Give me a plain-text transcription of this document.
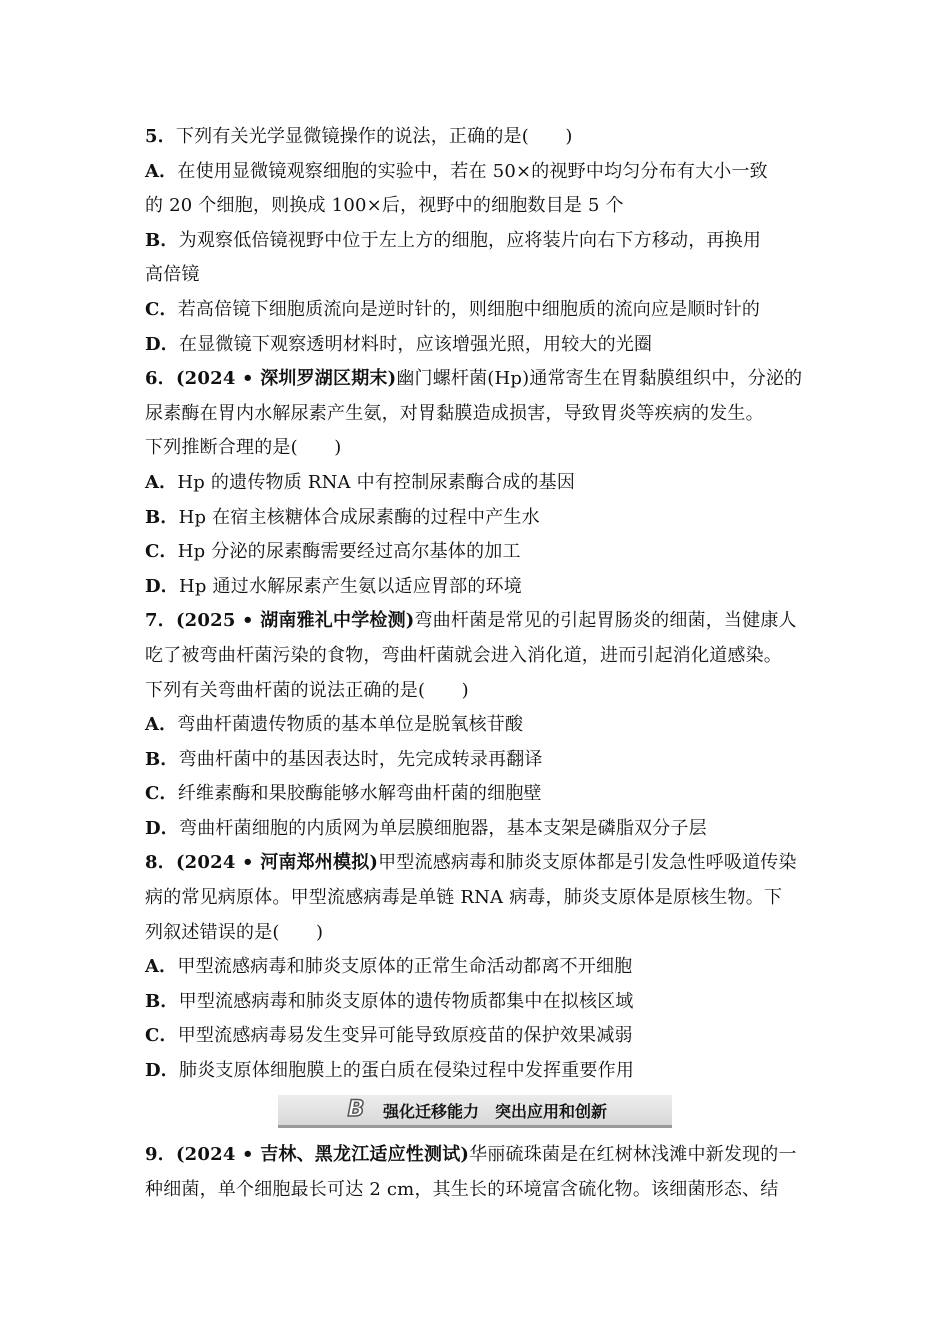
5．下列有关光学显微镜操作的说法，正确的是(　　)
A．在使用显微镜观察细胞的实验中，若在 50×的视野中均匀分布有大小一致
的 20 个细胞，则换成 100×后，视野中的细胞数目是 5 个
B．为观察低倍镜视野中位于左上方的细胞，应将装片向右下方移动，再换用
高倍镜
C．若高倍镜下细胞质流向是逆时针的，则细胞中细胞质的流向应是顺时针的
D．在显微镜下观察透明材料时，应该增强光照，用较大的光圈
6．(2024 • 深圳罗湖区期末)幽门螺杆菌(Hp)通常寄生在胃黏膜组织中，分泌的
尿素酶在胃内水解尿素产生氨，对胃黏膜造成损害，导致胃炎等疾病的发生。
下列推断合理的是(　　)
A．Hp 的遗传物质 RNA 中有控制尿素酶合成的基因
B．Hp 在宿主核糖体合成尿素酶的过程中产生水
C．Hp 分泌的尿素酶需要经过高尔基体的加工
D．Hp 通过水解尿素产生氨以适应胃部的环境
7．(2025 • 湖南雅礼中学检测)弯曲杆菌是常见的引起胃肠炎的细菌，当健康人
吃了被弯曲杆菌污染的食物，弯曲杆菌就会进入消化道，进而引起消化道感染。
下列有关弯曲杆菌的说法正确的是(　　)
A．弯曲杆菌遗传物质的基本单位是脱氧核苷酸
B．弯曲杆菌中的基因表达时，先完成转录再翻译
C．纤维素酶和果胶酶能够水解弯曲杆菌的细胞壁
D．弯曲杆菌细胞的内质网为单层膜细胞器，基本支架是磷脂双分子层
8．(2024 • 河南郑州模拟)甲型流感病毒和肺炎支原体都是引发急性呼吸道传染
病的常见病原体。甲型流感病毒是单链 RNA 病毒，肺炎支原体是原核生物。下
列叙述错误的是(　　)
A．甲型流感病毒和肺炎支原体的正常生命活动都离不开细胞
B．甲型流感病毒和肺炎支原体的遗传物质都集中在拟核区域
C．甲型流感病毒易发生变异可能导致原疫苗的保护效果减弱
D．肺炎支原体细胞膜上的蛋白质在侵染过程中发挥重要作用
B 强化迁移能力　突出应用和创新
9．(2024 • 吉林、黑龙江适应性测试)华丽硫珠菌是在红树林浅滩中新发现的一
种细菌，单个细胞最长可达 2 cm，其生长的环境富含硫化物。该细菌形态、结
